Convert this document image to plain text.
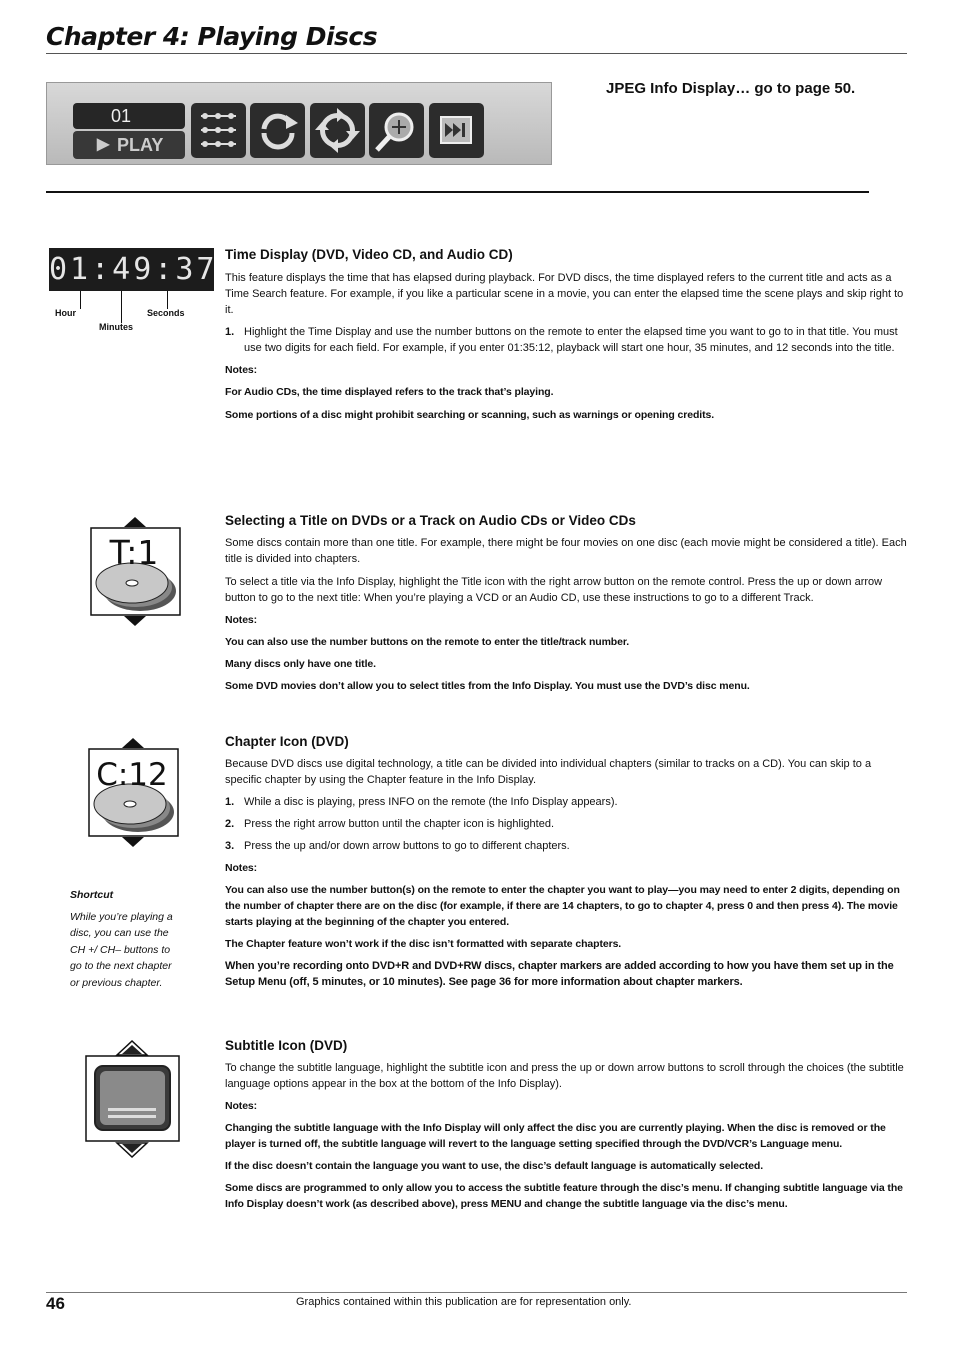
Chapter 4: Playing Discs
01
▶ PLAY
JPEG Info Display… go to page 50.
01:49:37
Hour
Minutes
Seconds
Time Display (DVD, Video CD, and Audio CD)
This feature displays the time that has elapsed during playback. For DVD discs, the time displayed refers to the current title and acts as a Time Search feature. For example, if you like a particular scene in a movie, you can enter the elapsed time the scene plays and skip right to it.
1. Highlight the Time Display and use the number buttons on the remote to enter the elapsed time you want to go to in that title. You must use two digits for each field. For example, if you enter 01:35:12, playback will start one hour, 35 minutes, and 12 seconds into the title.
Notes:
For Audio CDs, the time displayed refers to the track that’s playing.
Some portions of a disc might prohibit searching or scanning, such as warnings or opening credits.
T:1
Selecting a Title on DVDs or a Track on Audio CDs or Video CDs
Some discs contain more than one title. For example, there might be four movies on one disc (each movie might be considered a title). Each title is divided into chapters.
To select a title via the Info Display, highlight the Title icon with the right arrow button on the remote control. Press the up or down arrow button to go to the next title: When you’re playing a VCD or an Audio CD, use these instructions to go to a different Track.
Notes:
You can also use the number buttons on the remote to enter the title/track number.
Many discs only have one title.
Some DVD movies don’t allow you to select titles from the Info Display. You must use the DVD’s disc menu.
C:12
Shortcut
While you’re playing a
disc, you can use the
CH +/ CH– buttons to
go to the next chapter
or previous chapter.
Chapter Icon (DVD)
Because DVD discs use digital technology, a title can be divided into individual chapters (similar to tracks on a CD). You can skip to a specific chapter by using the Chapter feature in the Info Display.
1. While a disc is playing, press INFO on the remote (the Info Display appears).
2. Press the right arrow button until the chapter icon is highlighted.
3. Press the up and/or down arrow buttons to go to different chapters.
Notes:
You can also use the number button(s) on the remote to enter the chapter you want to play—you may need to enter 2 digits, depending on the number of chapter there are on the disc (for example, if there are 14 chapters, to go to chapter 4, press 0 and then press 4). The movie starts playing at the beginning of the chapter you entered.
The Chapter feature won’t work if the disc isn’t formatted with separate chapters.
When you’re recording onto DVD+R and DVD+RW discs, chapter markers are added according to how you have them set up in the Setup Menu (off, 5 minutes, or 10 minutes). See page 36 for more information about chapter markers.
Subtitle Icon (DVD)
To change the subtitle language, highlight the subtitle icon and press the up or down arrow buttons to scroll through the choices (the subtitle language options appear in the box at the bottom of the Info Display).
Notes:
Changing the subtitle language with the Info Display will only affect the disc you are currently playing. When the disc is removed or the player is turned off, the subtitle language will revert to the language setting specified through the DVD/VCR’s Language menu.
If the disc doesn’t contain the language you want to use, the disc’s default language is automatically selected.
Some discs are programmed to only allow you to access the subtitle feature through the disc’s menu. If changing subtitle language via the Info Display doesn’t work (as described above), press MENU and change the subtitle language via the disc’s menu.
46	Graphics contained within this publication are for representation only.
